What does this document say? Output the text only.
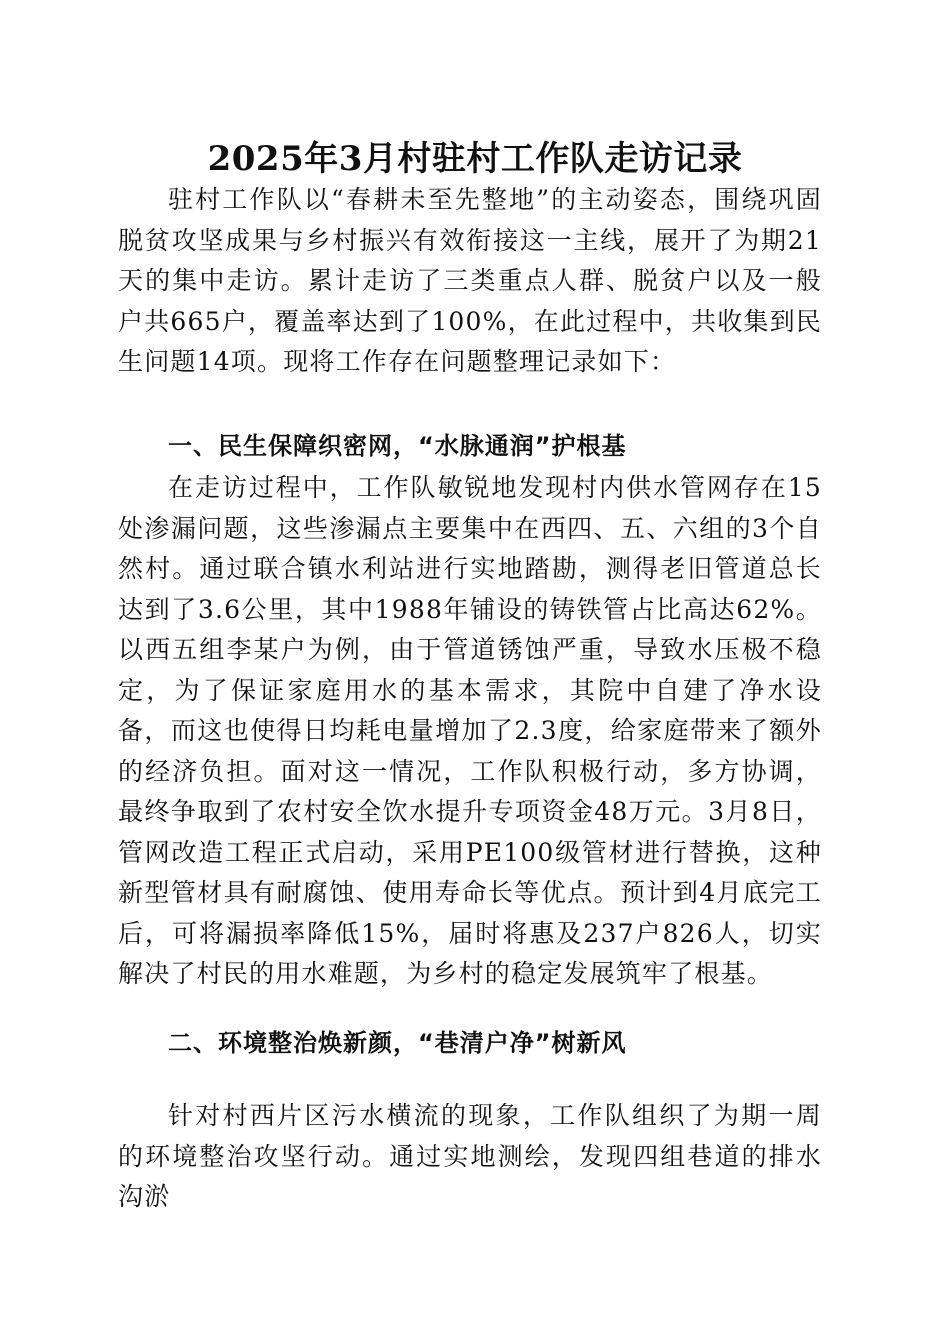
2025年3月村驻村工作队走访记录

驻村工作队以“春耕未至先整地”的主动姿态，围绕巩固脱贫攻坚成果与乡村振兴有效衔接这一主线，展开了为期21天的集中走访。累计走访了三类重点人群、脱贫户以及一般户共665户，覆盖率达到了100%，在此过程中，共收集到民生问题14项。现将工作存在问题整理记录如下：

一、民生保障织密网，“水脉通润”护根基

在走访过程中，工作队敏锐地发现村内供水管网存在15处渗漏问题，这些渗漏点主要集中在西四、五、六组的3个自然村。通过联合镇水利站进行实地踏勘，测得老旧管道总长达到了3.6公里，其中1988年铺设的铸铁管占比高达62%。以西五组李某户为例，由于管道锈蚀严重，导致水压极不稳定，为了保证家庭用水的基本需求，其院中自建了净水设备，而这也使得日均耗电量增加了2.3度，给家庭带来了额外的经济负担。面对这一情况，工作队积极行动，多方协调，最终争取到了农村安全饮水提升专项资金48万元。3月8日，管网改造工程正式启动，采用PE100级管材进行替换，这种新型管材具有耐腐蚀、使用寿命长等优点。预计到4月底完工后，可将漏损率降低15%，届时将惠及237户826人，切实解决了村民的用水难题，为乡村的稳定发展筑牢了根基。

二、环境整治焕新颜，“巷清户净”树新风

针对村西片区污水横流的现象，工作队组织了为期一周的环境整治攻坚行动。通过实地测绘，发现四组巷道的排水沟淤
